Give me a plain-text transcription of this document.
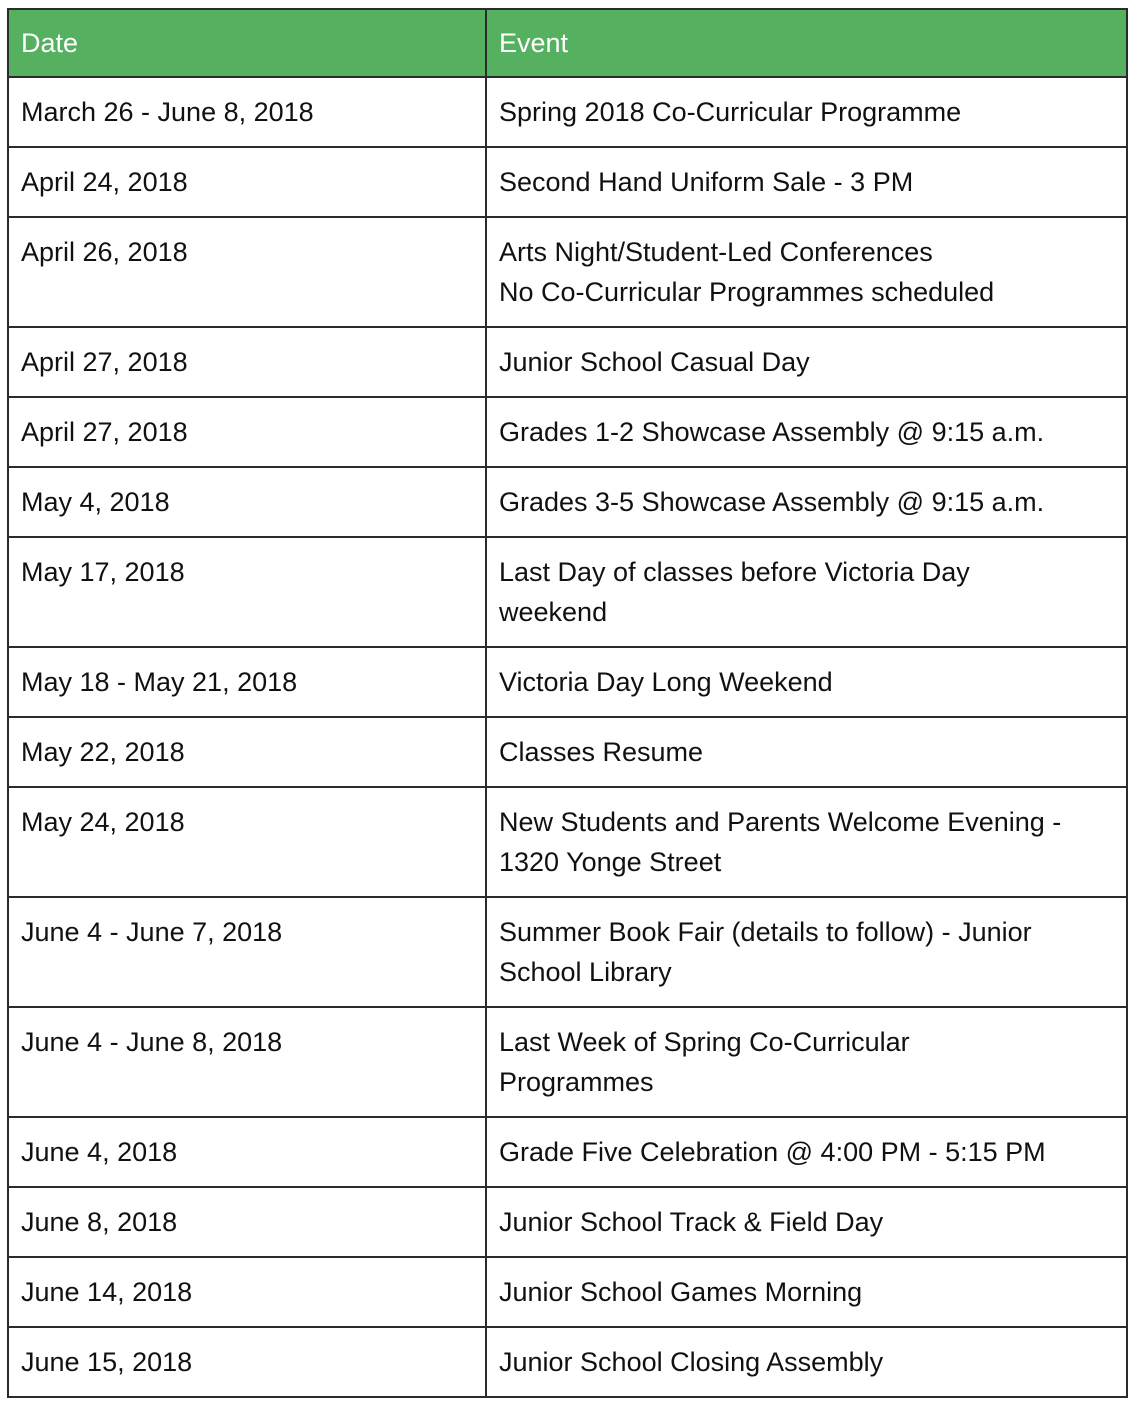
Date	Event
March 26 - June 8, 2018	Spring 2018 Co-Curricular Programme

April 24, 2018	Second Hand Uniform Sale - 3 PM

April 26, 2018	Arts Night/Student-Led Conferences
No Co-Curricular Programmes scheduled

April 27, 2018	Junior School Casual Day

April 27, 2018	Grades 1-2 Showcase Assembly @ 9:15 a.m.

May 4, 2018	Grades 3-5 Showcase Assembly @ 9:15 a.m.

May 17, 2018	Last Day of classes before Victoria Day
weekend

May 18 - May 21, 2018	Victoria Day Long Weekend

May 22, 2018	Classes Resume

May 24, 2018	New Students and Parents Welcome Evening -
1320 Yonge Street

June 4 - June 7, 2018	Summer Book Fair (details to follow) - Junior
School Library

June 4 - June 8, 2018	Last Week of Spring Co-Curricular
Programmes

June 4, 2018	Grade Five Celebration @ 4:00 PM - 5:15 PM

June 8, 2018	Junior School Track & Field Day

June 14, 2018	Junior School Games Morning

June 15, 2018	Junior School Closing Assembly
